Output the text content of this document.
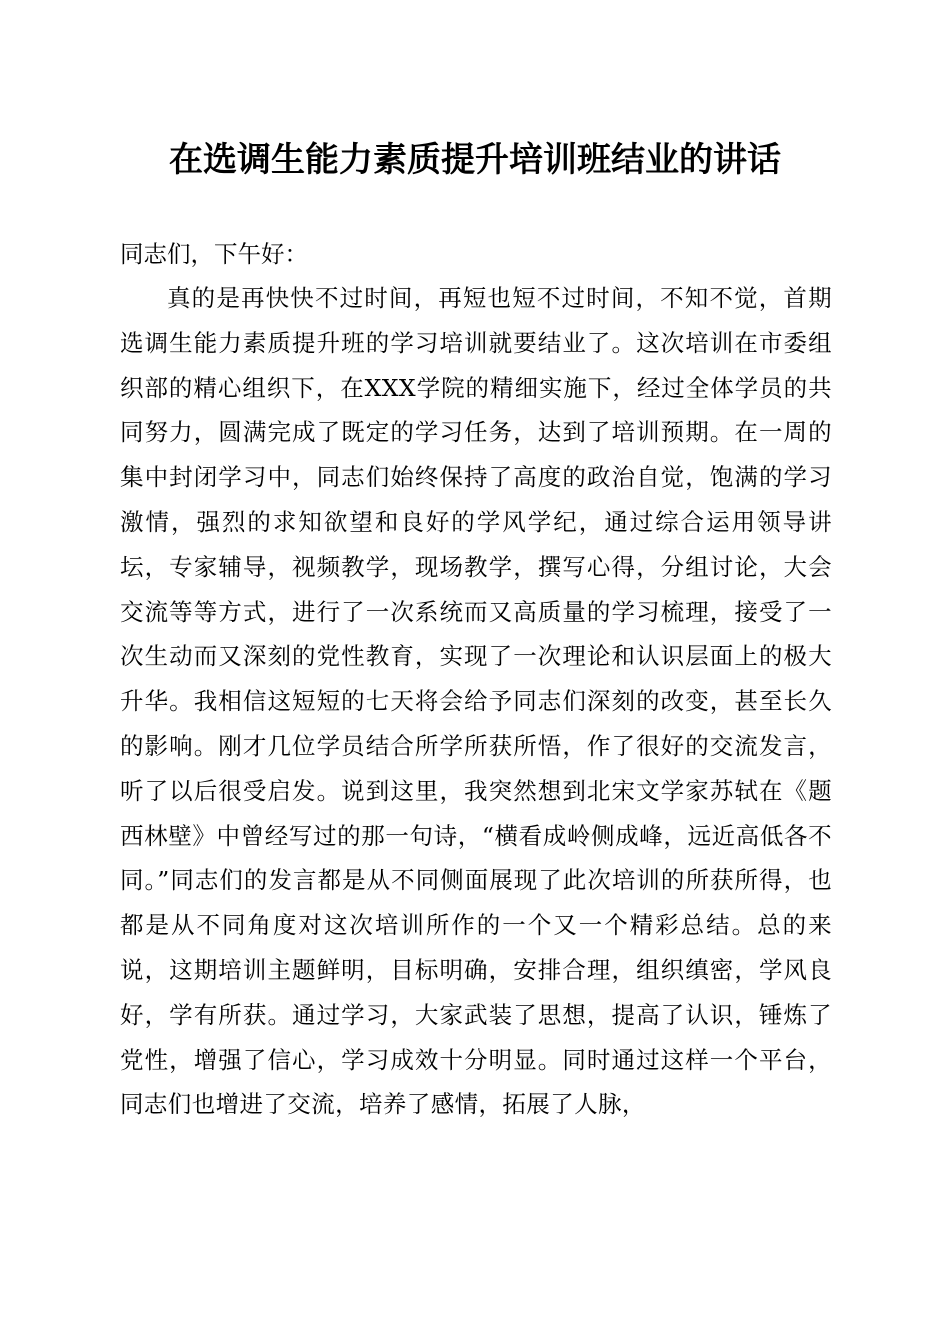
在选调生能力素质提升培训班结业的讲话

同志们，下午好：

真的是再快快不过时间，再短也短不过时间，不知不觉，首期选调生能力素质提升班的学习培训就要结业了。这次培训在市委组织部的精心组织下，在XXX学院的精细实施下，经过全体学员的共同努力，圆满完成了既定的学习任务，达到了培训预期。在一周的集中封闭学习中，同志们始终保持了高度的政治自觉，饱满的学习激情，强烈的求知欲望和良好的学风学纪，通过综合运用领导讲坛，专家辅导，视频教学，现场教学，撰写心得，分组讨论，大会交流等等方式，进行了一次系统而又高质量的学习梳理，接受了一次生动而又深刻的党性教育，实现了一次理论和认识层面上的极大升华。我相信这短短的七天将会给予同志们深刻的改变，甚至长久的影响。刚才几位学员结合所学所获所悟，作了很好的交流发言，听了以后很受启发。说到这里，我突然想到北宋文学家苏轼在《题西林壁》中曾经写过的那一句诗，“横看成岭侧成峰，远近高低各不同。”同志们的发言都是从不同侧面展现了此次培训的所获所得，也都是从不同角度对这次培训所作的一个又一个精彩总结。总的来说，这期培训主题鲜明，目标明确，安排合理，组织缜密，学风良好，学有所获。通过学习，大家武装了思想，提高了认识，锤炼了党性，增强了信心，学习成效十分明显。同时通过这样一个平台，同志们也增进了交流，培养了感情，拓展了人脉，
